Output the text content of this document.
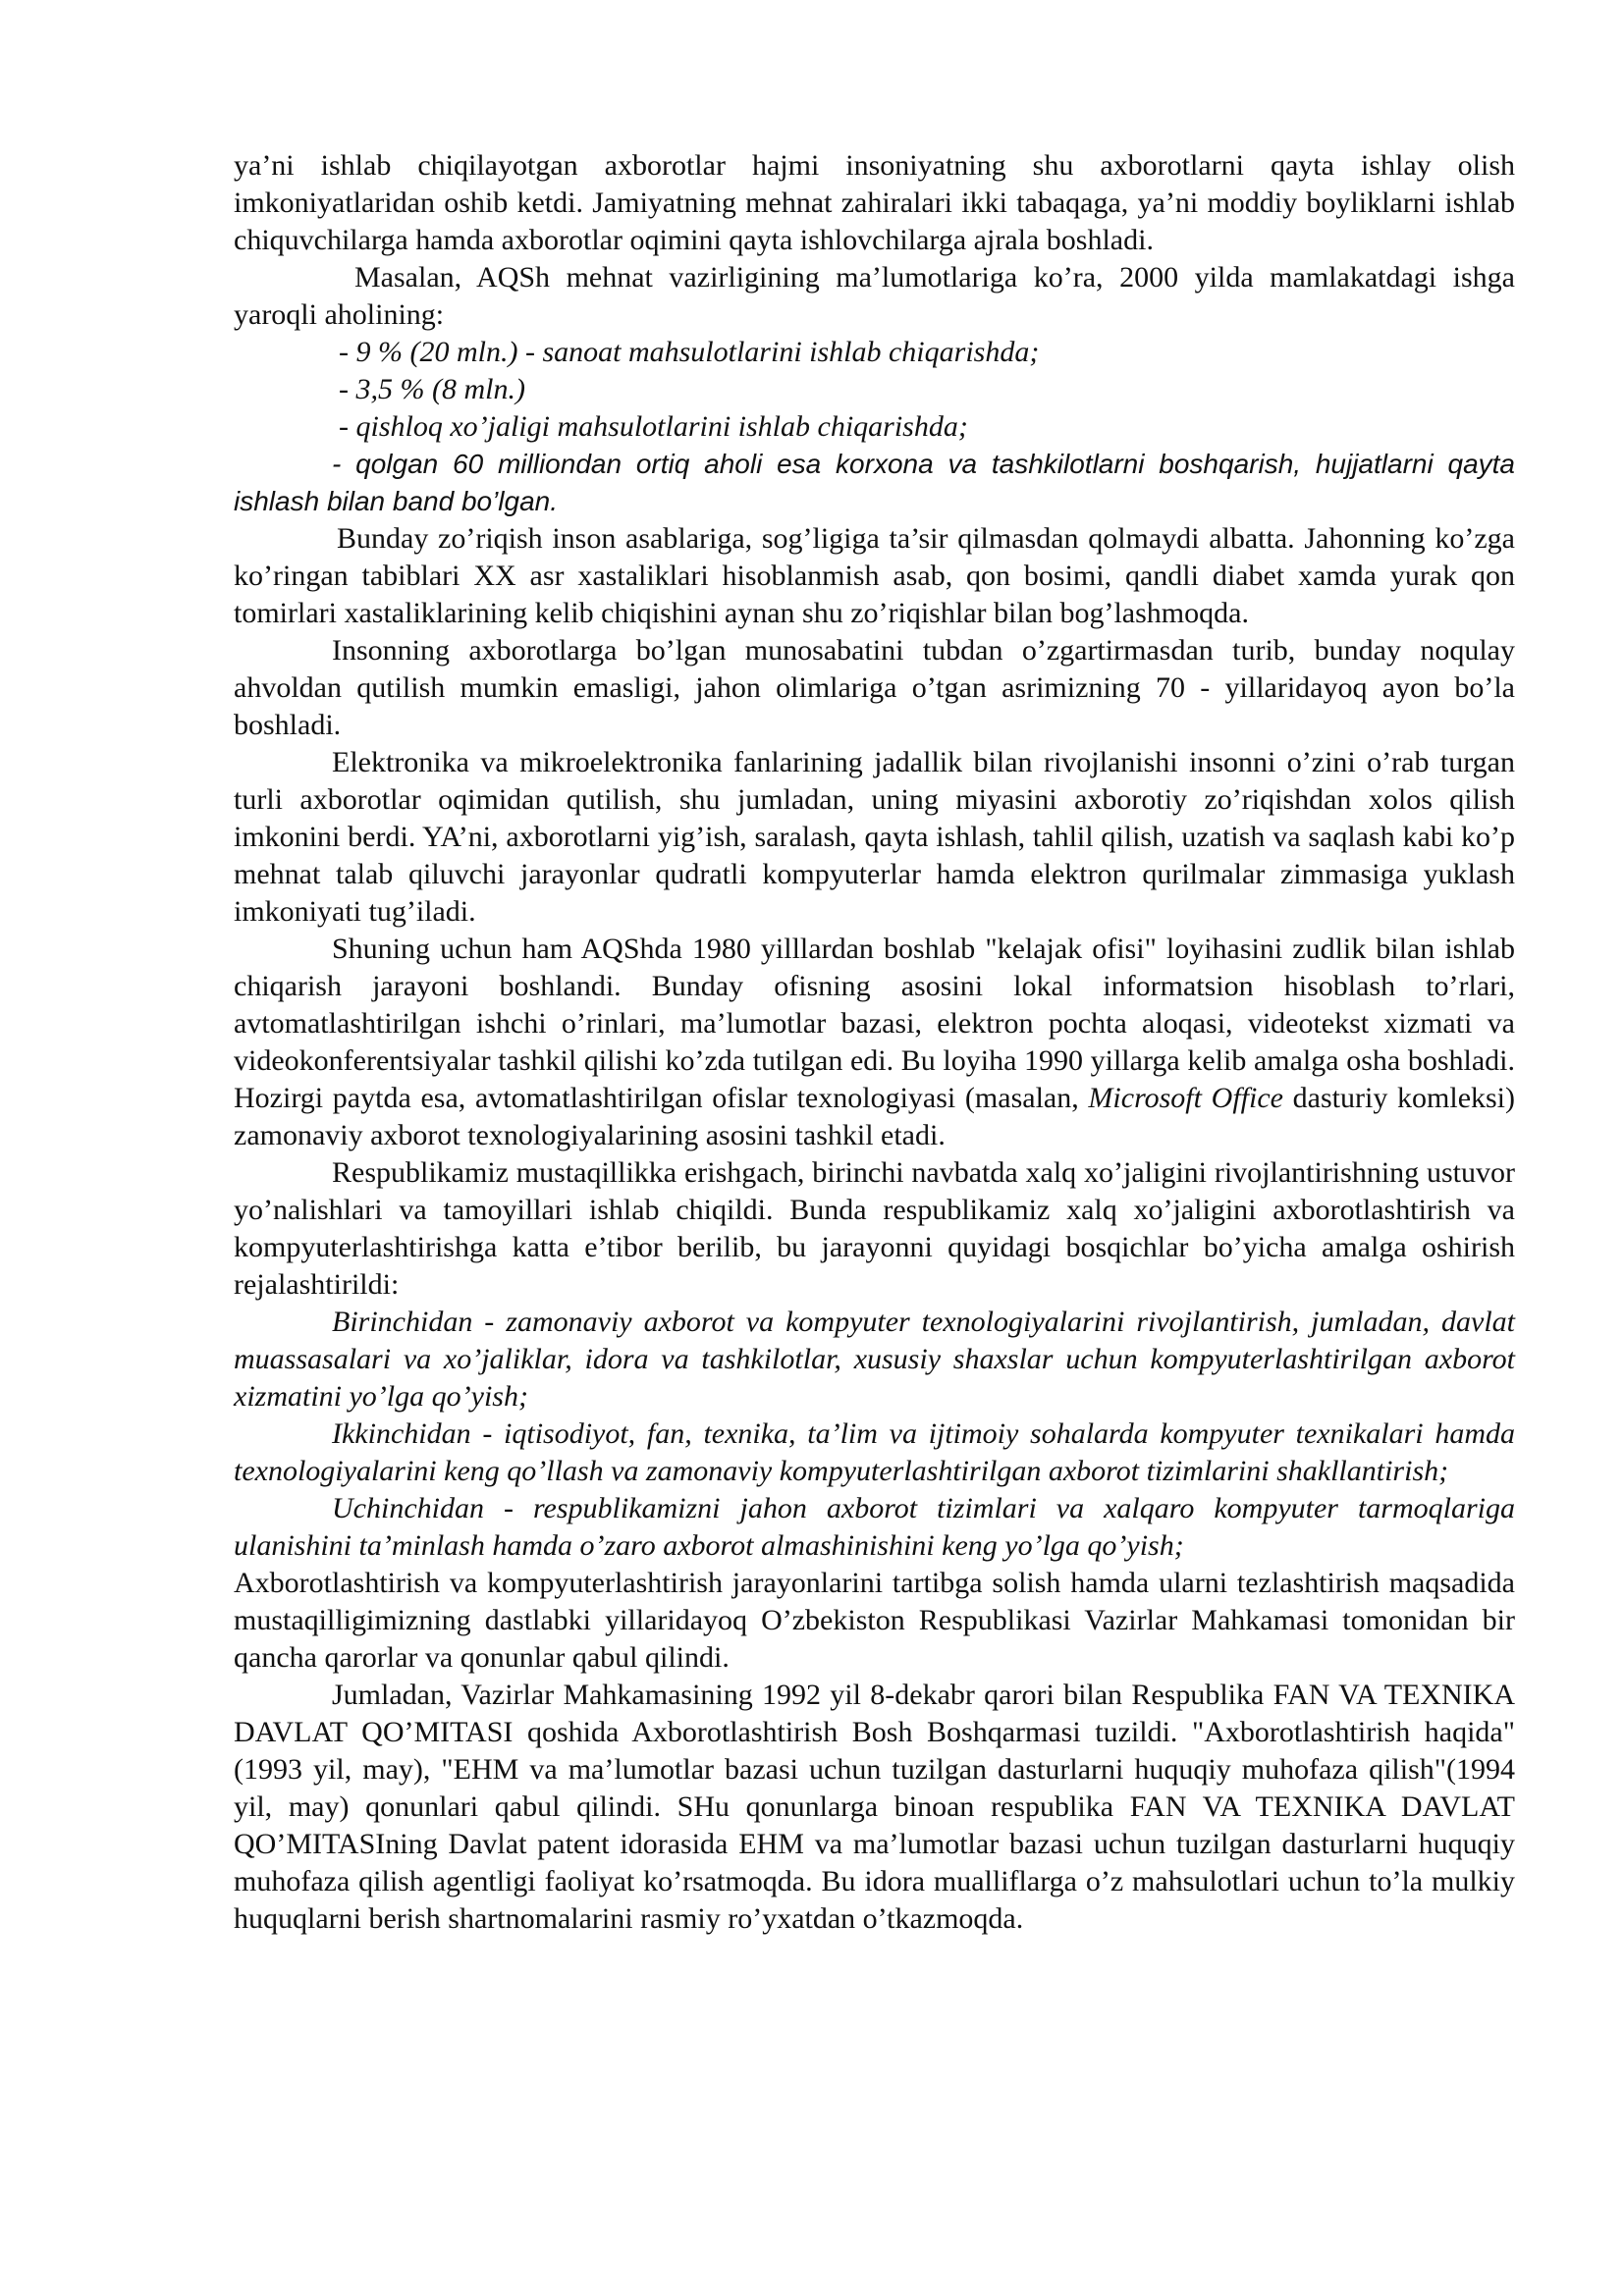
ya’ni ishlab chiqilayotgan axborotlar hajmi insoniyatning shu axborotlarni qayta ishlay olish imkoniyatlaridan oshib ketdi. Jamiyatning mehnat zahiralari ikki tabaqaga, ya’ni moddiy boyliklarni ishlab chiquvchilarga hamda axborotlar oqimini qayta ishlovchilarga ajrala boshladi.

Masalan, AQSh mehnat vazirligining ma’lumotlariga ko’ra, 2000 yilda mamlakatdagi ishga yaroqli aholining:

- 9 % (20 mln.) - sanoat mahsulotlarini ishlab chiqarishda;

- 3,5 % (8 mln.)

- qishloq xo’jaligi mahsulotlarini ishlab chiqarishda;

- qolgan 60 milliondan ortiq aholi esa korxona va tashkilotlarni boshqarish, hujjatlarni qayta ishlash bilan band bo’lgan.

Bunday zo’riqish inson asablariga, sog’ligiga ta’sir qilmasdan qolmaydi albatta. Jahonning ko’zga ko’ringan tabiblari XX asr xastaliklari hisoblanmish asab, qon bosimi, qandli diabet xamda yurak qon tomirlari xastaliklarining kelib chiqishini aynan shu zo’riqishlar bilan bog’lashmoqda.

Insonning axborotlarga bo’lgan munosabatini tubdan o’zgartirmasdan turib, bunday noqulay ahvoldan qutilish mumkin emasligi, jahon olimlariga o’tgan asrimizning 70 - yillaridayoq ayon bo’la boshladi.

Elektronika va mikroelektronika fanlarining jadallik bilan rivojlanishi insonni o’zini o’rab turgan turli axborotlar oqimidan qutilish, shu jumladan, uning miyasini axborotiy zo’riqishdan xolos qilish imkonini berdi. YA’ni, axborotlarni yig’ish, saralash, qayta ishlash, tahlil qilish, uzatish va saqlash kabi ko’p mehnat talab qiluvchi jarayonlar qudratli kompyuterlar hamda elektron qurilmalar zimmasiga yuklash imkoniyati tug’iladi.

Shuning uchun ham AQShda 1980 yilllardan boshlab "kelajak ofisi" loyihasini zudlik bilan ishlab chiqarish jarayoni boshlandi. Bunday ofisning asosini lokal informatsion hisoblash to’rlari, avtomatlashtirilgan ishchi o’rinlari, ma’lumotlar bazasi, elektron pochta aloqasi, videotekst xizmati va videokonferentsiyalar tashkil qilishi ko’zda tutilgan edi. Bu loyiha 1990 yillarga kelib amalga osha boshladi. Hozirgi paytda esa, avtomatlashtirilgan ofislar texnologiyasi (masalan, Microsoft Office dasturiy komleksi) zamonaviy axborot texnologiyalarining asosini tashkil etadi.

Respublikamiz mustaqillikka erishgach, birinchi navbatda xalq xo’jaligini rivojlantirishning ustuvor yo’nalishlari va tamoyillari ishlab chiqildi. Bunda respublikamiz xalq xo’jaligini axborotlashtirish va kompyuterlashtirishga katta e’tibor berilib, bu jarayonni quyidagi bosqichlar bo’yicha amalga oshirish rejalashtirildi:

Birinchidan - zamonaviy axborot va kompyuter texnologiyalarini rivojlantirish, jumladan, davlat muassasalari va xo’jaliklar, idora va tashkilotlar, xususiy shaxslar uchun kompyuterlashtirilgan axborot xizmatini yo’lga qo’yish;

Ikkinchidan - iqtisodiyot, fan, texnika, ta’lim va ijtimoiy sohalarda kompyuter texnikalari hamda texnologiyalarini keng qo’llash va zamonaviy kompyuterlashtirilgan axborot tizimlarini shakllantirish;

Uchinchidan - respublikamizni jahon axborot tizimlari va xalqaro kompyuter tarmoqlariga ulanishini ta’minlash hamda o’zaro axborot almashinishini keng yo’lga qo’yish;

Axborotlashtirish va kompyuterlashtirish jarayonlarini tartibga solish hamda ularni tezlashtirish maqsadida mustaqilligimizning dastlabki yillaridayoq O’zbekiston Respublikasi Vazirlar Mahkamasi tomonidan bir qancha qarorlar va qonunlar qabul qilindi.

Jumladan, Vazirlar Mahkamasining 1992 yil 8-dekabr qarori bilan Respublika FAN VA TEXNIKA DAVLAT QO’MITASI qoshida Axborotlashtirish Bosh Boshqarmasi tuzildi. "Axborotlashtirish haqida"(1993 yil, may), "EHM va ma’lumotlar bazasi uchun tuzilgan dasturlarni huquqiy muhofaza qilish"(1994 yil, may) qonunlari qabul qilindi. SHu qonunlarga binoan respublika FAN VA TEXNIKA DAVLAT QO’MITASIning Davlat patent idorasida EHM va ma’lumotlar bazasi uchun tuzilgan dasturlarni huquqiy muhofaza qilish agentligi faoliyat ko’rsatmoqda. Bu idora mualliflarga o’z mahsulotlari uchun to’la mulkiy huquqlarni berish shartnomalarini rasmiy ro’yxatdan o’tkazmoqda.
